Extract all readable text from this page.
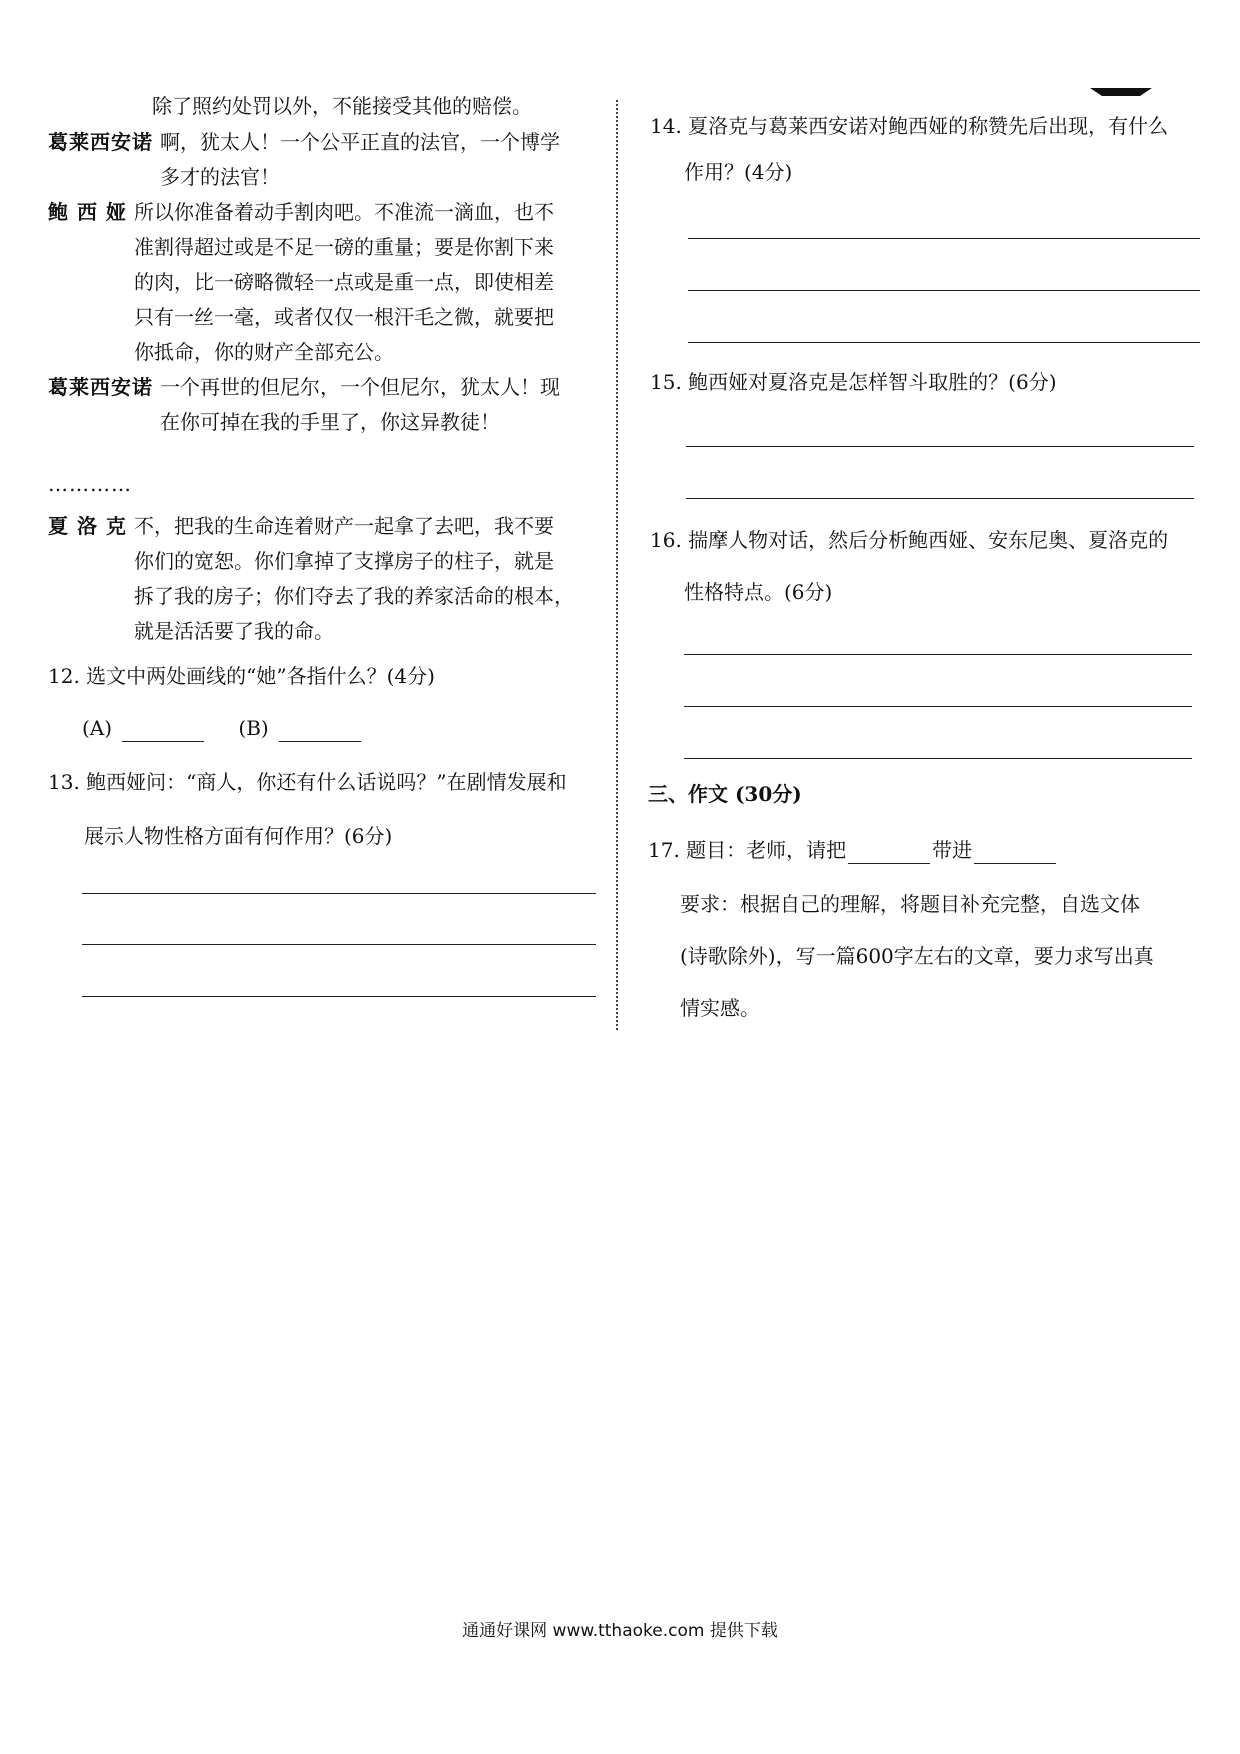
除了照约处罚以外，不能接受其他的赔偿。
葛莱西安诺 啊，犹太人！一个公平正直的法官，一个博学
多才的法官！
鲍 西 娅 所以你准备着动手割肉吧。不准流一滴血，也不
准割得超过或是不足一磅的重量；要是你割下来
的肉，比一磅略微轻一点或是重一点，即使相差
只有一丝一毫，或者仅仅一根汗毛之微，就要把
你抵命，你的财产全部充公。
葛莱西安诺 一个再世的但尼尔，一个但尼尔，犹太人！现
在你可掉在我的手里了，你这异教徒！
…………
夏 洛 克 不，把我的生命连着财产一起拿了去吧，我不要
你们的宽恕。你们拿掉了支撑房子的柱子，就是
拆了我的房子；你们夺去了我的养家活命的根本，
就是活活要了我的命。
12. 选文中两处画线的“她”各指什么？(4分)
(A)	(B)
13. 鲍西娅问：“商人，你还有什么话说吗？”在剧情发展和
展示人物性格方面有何作用？(6分)
14. 夏洛克与葛莱西安诺对鲍西娅的称赞先后出现，有什么
作用？(4分)
15. 鲍西娅对夏洛克是怎样智斗取胜的？(6分)
16. 揣摩人物对话，然后分析鲍西娅、安东尼奥、夏洛克的
性格特点。(6分)
三、作文 (30分)
17. 题目：老师，请把	带进
要求：根据自己的理解，将题目补充完整，自选文体
(诗歌除外)，写一篇600字左右的文章，要力求写出真
情实感。
通通好课网 www.tthaoke.com 提供下载
